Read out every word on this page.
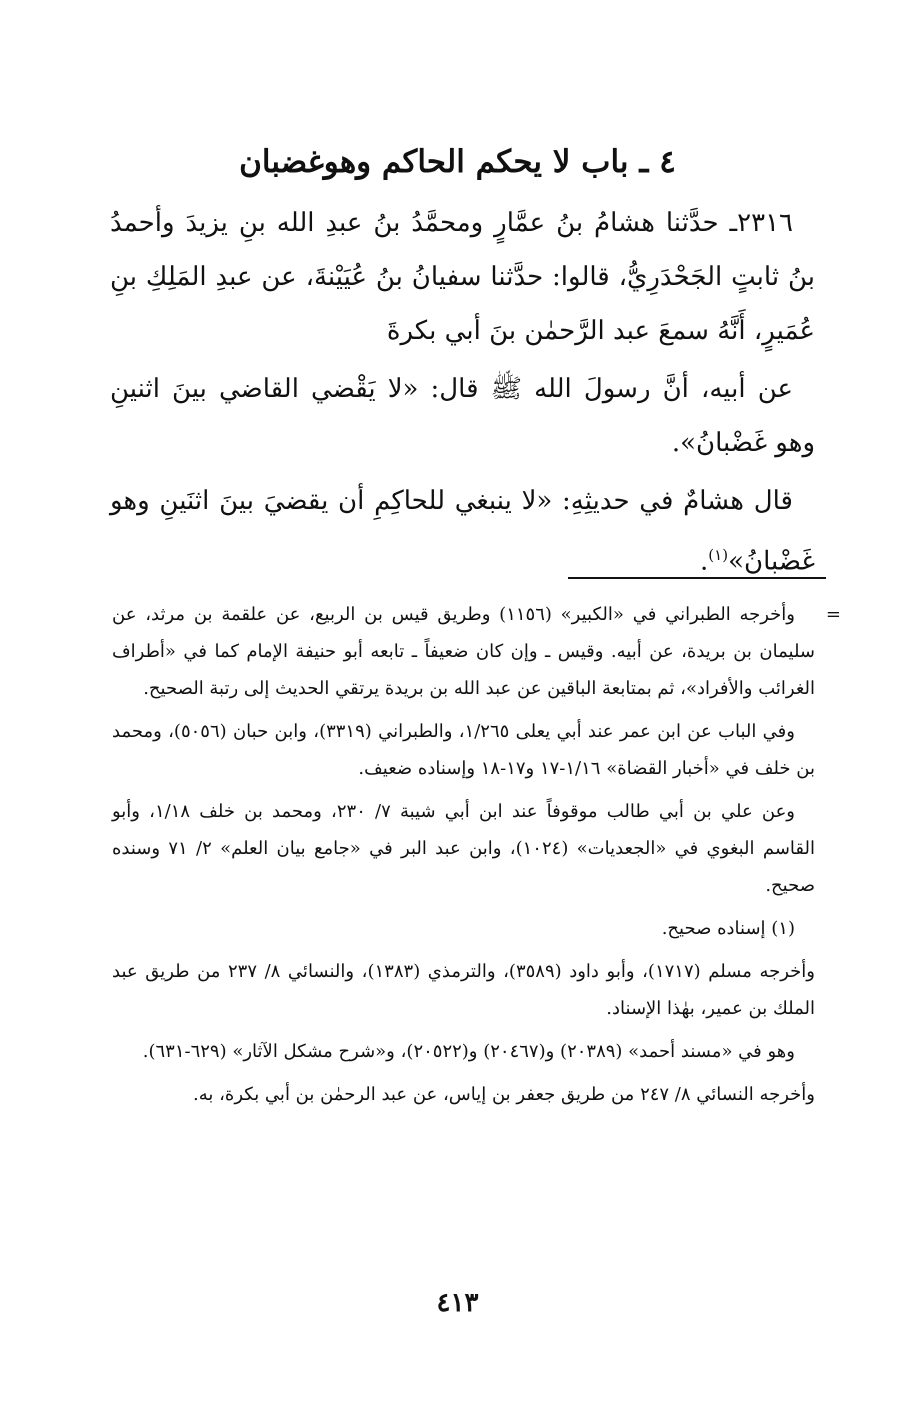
٤ ـ باب لا يحكم الحاكم وهوغضبان

٢٣١٦ـ حدَّثنا هشامُ بنُ عمَّارٍ ومحمَّدُ بنُ عبدِ الله بنِ يزيدَ وأحمدُ بنُ ثابتٍ الجَحْدَرِيُّ، قالوا: حدَّثنا سفيانُ بنُ عُيَيْنةَ، عن عبدِ المَلِكِ بنِ عُمَيرٍ، أَنَّهُ سمعَ عبد الرَّحمٰن بنَ أبي بكرةَ

عن أبيه، أنَّ رسولَ الله ﷺ قال: «لا يَقْضي القاضي بينَ اثنينِ وهو غَضْبانُ».

قال هشامٌ في حديثِهِ: «لا ينبغي للحاكِمِ أن يقضيَ بينَ اثنَينِ وهو غَضْبانُ»$^{(١)}$.

=

وأخرجه الطبراني في «الكبير» (١١٥٦) وطريق قيس بن الربيع، عن علقمة بن مرثد، عن سليمان بن بريدة، عن أبيه. وقيس ـ وإن كان ضعيفاً ـ تابعه أبو حنيفة الإمام كما في «أطراف الغرائب والأفراد»، ثم بمتابعة الباقين عن عبد الله بن بريدة يرتقي الحديث إلى رتبة الصحيح.

وفي الباب عن ابن عمر عند أبي يعلى ١/٢٦٥، والطبراني (٣٣١٩)، وابن حبان (٥٠٥٦)، ومحمد بن خلف في «أخبار القضاة» ١/١٦-١٧ و١٧-١٨ وإسناده ضعيف.

وعن علي بن أبي طالب موقوفاً عند ابن أبي شيبة ٧/ ٢٣٠، ومحمد بن خلف ١/١٨، وأبو القاسم البغوي في «الجعديات» (١٠٢٤)، وابن عبد البر في «جامع بيان العلم» ٢/ ٧١ وسنده صحيح.

(١) إسناده صحيح.

وأخرجه مسلم (١٧١٧)، وأبو داود (٣٥٨٩)، والترمذي (١٣٨٣)، والنسائي ٨/ ٢٣٧ من طريق عبد الملك بن عمير، بهٰذا الإسناد.

وهو في «مسند أحمد» (٢٠٣٨٩) و(٢٠٤٦٧) و(٢٠٥٢٢)، و«شرح مشكل الآثار» (٦٢٩-٦٣١).

وأخرجه النسائي ٨/ ٢٤٧ من طريق جعفر بن إياس، عن عبد الرحمٰن بن أبي بكرة، به.

٤١٣
